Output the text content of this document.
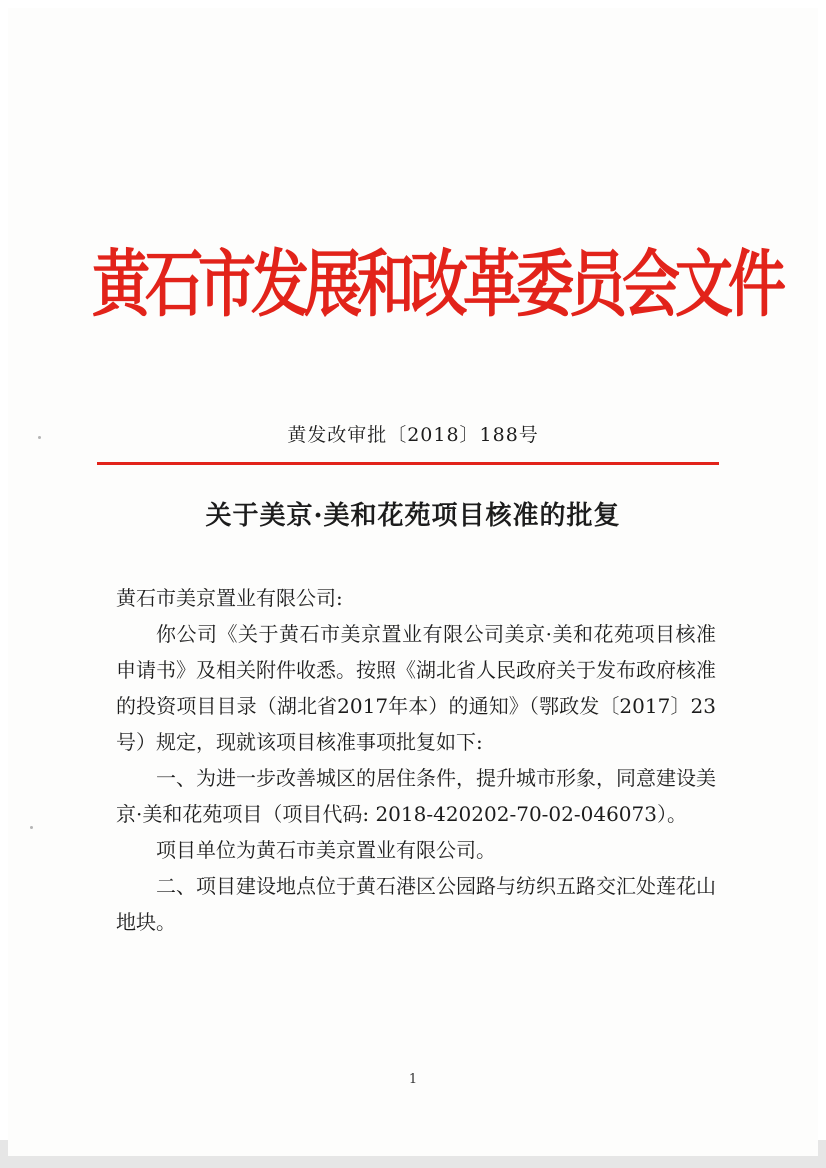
黄石市发展和改革委员会文件
黄发改审批〔2018〕188号
关于美京·美和花苑项目核准的批复

黄石市美京置业有限公司:

你公司《关于黄石市美京置业有限公司美京·美和花苑项目核准申请书》及相关附件收悉。按照《湖北省人民政府关于发布政府核准的投资项目目录（湖北省2017年本）的通知》（鄂政发〔2017〕23号）规定，现就该项目核准事项批复如下:

一、为进一步改善城区的居住条件，提升城市形象，同意建设美京·美和花苑项目（项目代码: 2018-420202-70-02-046073）。

项目单位为黄石市美京置业有限公司。

二、项目建设地点位于黄石港区公园路与纺织五路交汇处莲花山地块。

1
